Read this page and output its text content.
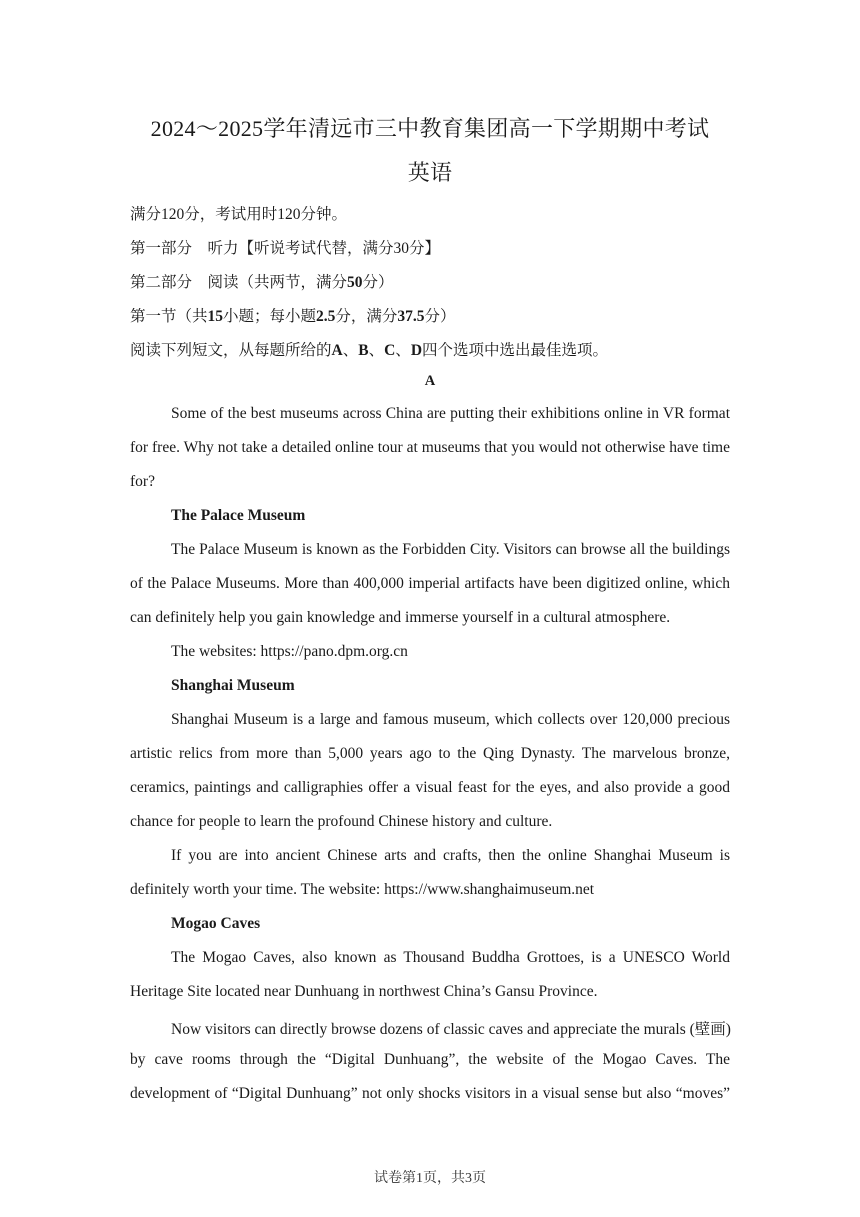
2024～2025学年清远市三中教育集团高一下学期期中考试
英语
满分120分，考试用时120分钟。
第一部分　听力【听说考试代替，满分30分】
第二部分　阅读（共两节，满分50分）
第一节（共15小题；每小题2.5分，满分37.5分）
阅读下列短文，从每题所给的A、B、C、D四个选项中选出最佳选项。
A
Some of the best museums across China are putting their exhibitions online in VR format
for free. Why not take a detailed online tour at museums that you would not otherwise have time
for?
The Palace Museum
The Palace Museum is known as the Forbidden City. Visitors can browse all the buildings
of the Palace Museums. More than 400,000 imperial artifacts have been digitized online, which
can definitely help you gain knowledge and immerse yourself in a cultural atmosphere.
The websites: https://pano.dpm.org.cn
Shanghai Museum
Shanghai Museum is a large and famous museum, which collects over 120,000 precious
artistic relics from more than 5,000 years ago to the Qing Dynasty. The marvelous bronze,
ceramics, paintings and calligraphies offer a visual feast for the eyes, and also provide a good
chance for people to learn the profound Chinese history and culture.
If you are into ancient Chinese arts and crafts, then the online Shanghai Museum is
definitely worth your time. The website: https://www.shanghaimuseum.net
Mogao Caves
The Mogao Caves, also known as Thousand Buddha Grottoes, is a UNESCO World
Heritage Site located near Dunhuang in northwest China’s Gansu Province.
Now visitors can directly browse dozens of classic caves and appreciate the murals (壁画)
by cave rooms through the “Digital Dunhuang”, the website of the Mogao Caves. The
development of “Digital Dunhuang” not only shocks visitors in a visual sense but also “moves”
试卷第1页，共3页
